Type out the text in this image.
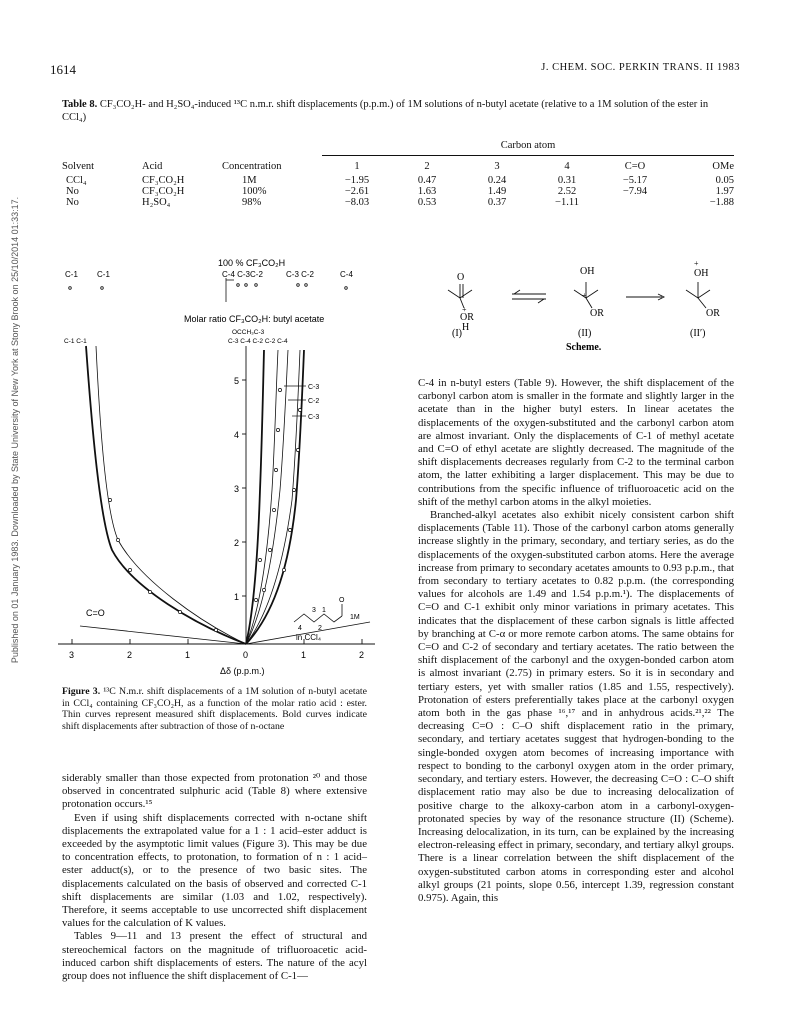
1614	J. CHEM. SOC. PERKIN TRANS. II 1983
Published on 01 January 1983. Downloaded by State University of New York at Stony Brook on 25/10/2014 01:33:17.
Table 8. CF₃CO₂H- and H₂SO₄-induced ¹³C n.m.r. shift displacements (p.p.m.) of 1M solutions of n-butyl acetate (relative to a 1M solution of the ester in CCl₄)
			Carbon atom					
Solvent	Acid	Concentration	1	2	3	4	C=O	OMe
CCl₄	CF₃CO₂H	1M	−1.95	0.47	0.24	0.31	−5.17	0.05
No	CF₃CO₂H	100%	−2.61	1.63	1.49	2.52	−7.94	1.97
No	H₂SO₄	98%	−8.03	0.53	0.37	−1.11		−1.88
100 % CF₃CO₂H
C-4 C-3C-2	C-3 C-2	C-4
C-1 C-1
Molar ratio CF₃CO₂H: butyl acetate
OCCH₃C-3
C-3 C-4 C-2 C-2 C-4
C-1 C-1
5
4
3
2
1
3	2	1	0	1	2
Δδ (p.p.m.)
C=O
C-3
C-2
C-3
3 1
4 2
O
1M
in CCl₄
O
+
OR
H
OH
+
OR
+
OH
OR
(I)	(II)	(II′)
Scheme.
Figure 3. ¹³C N.m.r. shift displacements of a 1M solution of n-butyl acetate in CCl₄ containing CF₃CO₂H, as a function of the molar ratio acid : ester. Thin curves represent measured shift displacements. Bold curves indicate shift displacements after subtraction of those of n-octane

siderably smaller than those expected from protonation ²⁰ and those observed in concentrated sulphuric acid (Table 8) where extensive protonation occurs.¹⁵

Even if using shift displacements corrected with n-octane shift displacements the extrapolated value for a 1 : 1 acid–ester adduct is exceeded by the asymptotic limit values (Figure 3). This may be due to concentration effects, to protonation, to formation of n : 1 acid–ester adduct(s), or to the presence of two basic sites. The displacements calculated on the basis of observed and corrected C-1 shift displacements are similar (1.03 and 1.02, respectively). Therefore, it seems acceptable to use uncorrected shift displacement values for the calculation of K values.

Tables 9—11 and 13 present the effect of structural and stereochemical factors on the magnitude of trifluoroacetic acid-induced carbon shift displacements of esters. The nature of the acyl group does not influence the shift displacement of C-1—

C-4 in n-butyl esters (Table 9). However, the shift displacement of the carbonyl carbon atom is smaller in the formate and slightly larger in the acetate than in the higher butyl esters. In linear acetates the displacements of the oxygen-substituted and the carbonyl carbon atom are almost invariant. Only the displacements of C-1 of methyl acetate and C=O of ethyl acetate are slightly decreased. The magnitude of the shift displacements decreases regularly from C-2 to the terminal carbon atom, the latter exhibiting a larger displacement. This may be due to contributions from the specific influence of trifluoroacetic acid on the shift of the methyl carbon atoms in the alkyl moieties.

Branched-alkyl acetates also exhibit nicely consistent carbon shift displacements (Table 11). Those of the carbonyl carbon atoms generally increase slightly in the primary, secondary, and tertiary series, as do the displacements of the oxygen-substituted carbon atoms. Here the average increase from primary to secondary acetates amounts to 0.93 p.p.m., that from secondary to tertiary acetates to 0.82 p.p.m. (the corresponding values for alcohols are 1.49 and 1.54 p.p.m.¹). The displacements of C=O and C-1 exhibit only minor variations in primary acetates. This indicates that the displacement of these carbon signals is little affected by branching at C-α or more remote carbon atoms. The same obtains for C=O and C-2 of secondary and tertiary acetates. The ratio between the shift displacement of the carbonyl and the oxygen-bonded carbon atom is almost invariant (2.75) in primary esters. So it is in secondary and tertiary esters, yet with smaller ratios (1.85 and 1.55, respectively). Protonation of esters preferentially takes place at the carbonyl oxygen atom both in the gas phase ¹⁶,¹⁷ and in anhydrous acids.²¹,²² The decreasing C=O : C–O shift displacement ratio in the primary, secondary, and tertiary acetates suggest that hydrogen-bonding to the single-bonded oxygen atom becomes of increasing importance with respect to bonding to the carbonyl oxygen atom in the order primary, secondary, and tertiary esters. However, the decreasing C=O : C–O shift displacement ratio may also be due to increasing delocalization of positive charge to the alkoxy-carbon atom in a carbonyl-oxygen-protonated species by way of the resonance structure (II) (Scheme). Increasing delocalization, in its turn, can be explained by the increasing electron-releasing effect in primary, secondary, and tertiary alkyl groups. There is a linear correlation between the shift displacement of the oxygen-substituted carbon atoms in corresponding ester and alcohol alkyl groups (21 points, slope 0.56, intercept 1.39, regression constant 0.975). Again, this
